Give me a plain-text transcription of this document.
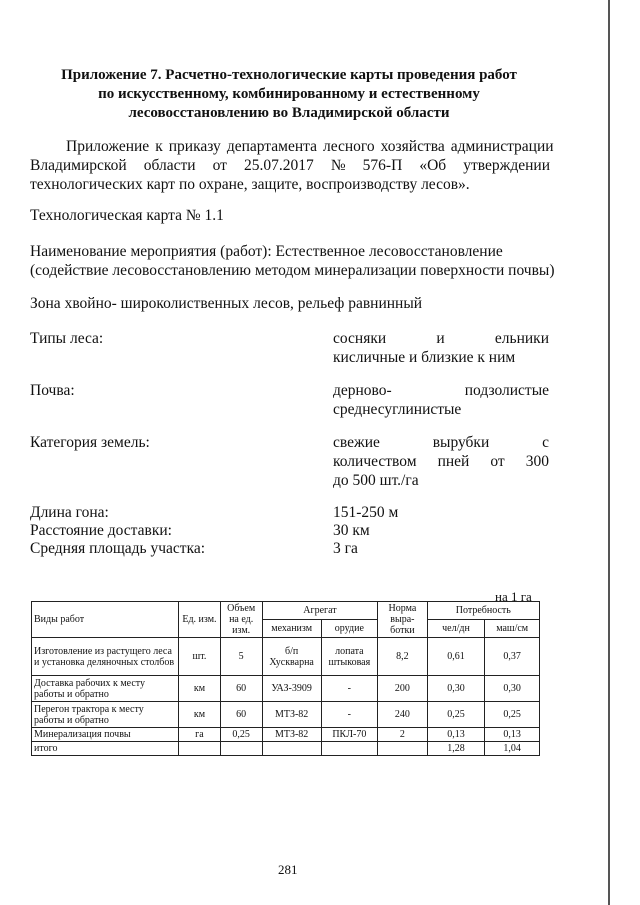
Приложение 7. Расчетно-технологические карты проведения работ
по искусственному, комбинированному и естественному
лесовосстановлению во Владимирской области
Приложение к приказу департамента лесного хозяйства администрации
Владимирской области от 25.07.2017 № 576-П «Об утверждении
технологических карт по охране, защите, воспроизводству лесов».
Технологическая карта № 1.1
Наименование мероприятия (работ): Естественное лесовосстановление
(содействие лесовосстановлению методом минерализации поверхности почвы)
Зона хвойно- широколиственных лесов, рельеф равнинный
Типы леса:	сосняки	и	ельники
кисличные и близкие к ним
Почва:	дерново-	подзолистые
среднесуглинистые
Категория земель:	свежие	вырубки	с
количеством пней от 300
до 500 шт./га
Длина гона:	151-250 м
Расстояние доставки:	30 км
Средняя площадь участка:	3 га
на 1 га
Виды работ	Ед. изм.	Объем на ед. изм.	Агрегат		Норма выра-ботки	Потребность	
			механизм	орудие		чел/дн	маш/см
Изготовление из растущего леса и установка деляночных столбов	шт.	5	б/п Хускварна	лопата штыковая	8,2	0,61	0,37
Доставка рабочих к месту работы и обратно	км	60	УАЗ-3909	-	200	0,30	0,30
Перегон трактора к месту работы и обратно	км	60	МТЗ-82	-	240	0,25	0,25
Минерализация почвы	га	0,25	МТЗ-82	ПКЛ-70	2	0,13	0,13
итого						1,28	1,04
281
